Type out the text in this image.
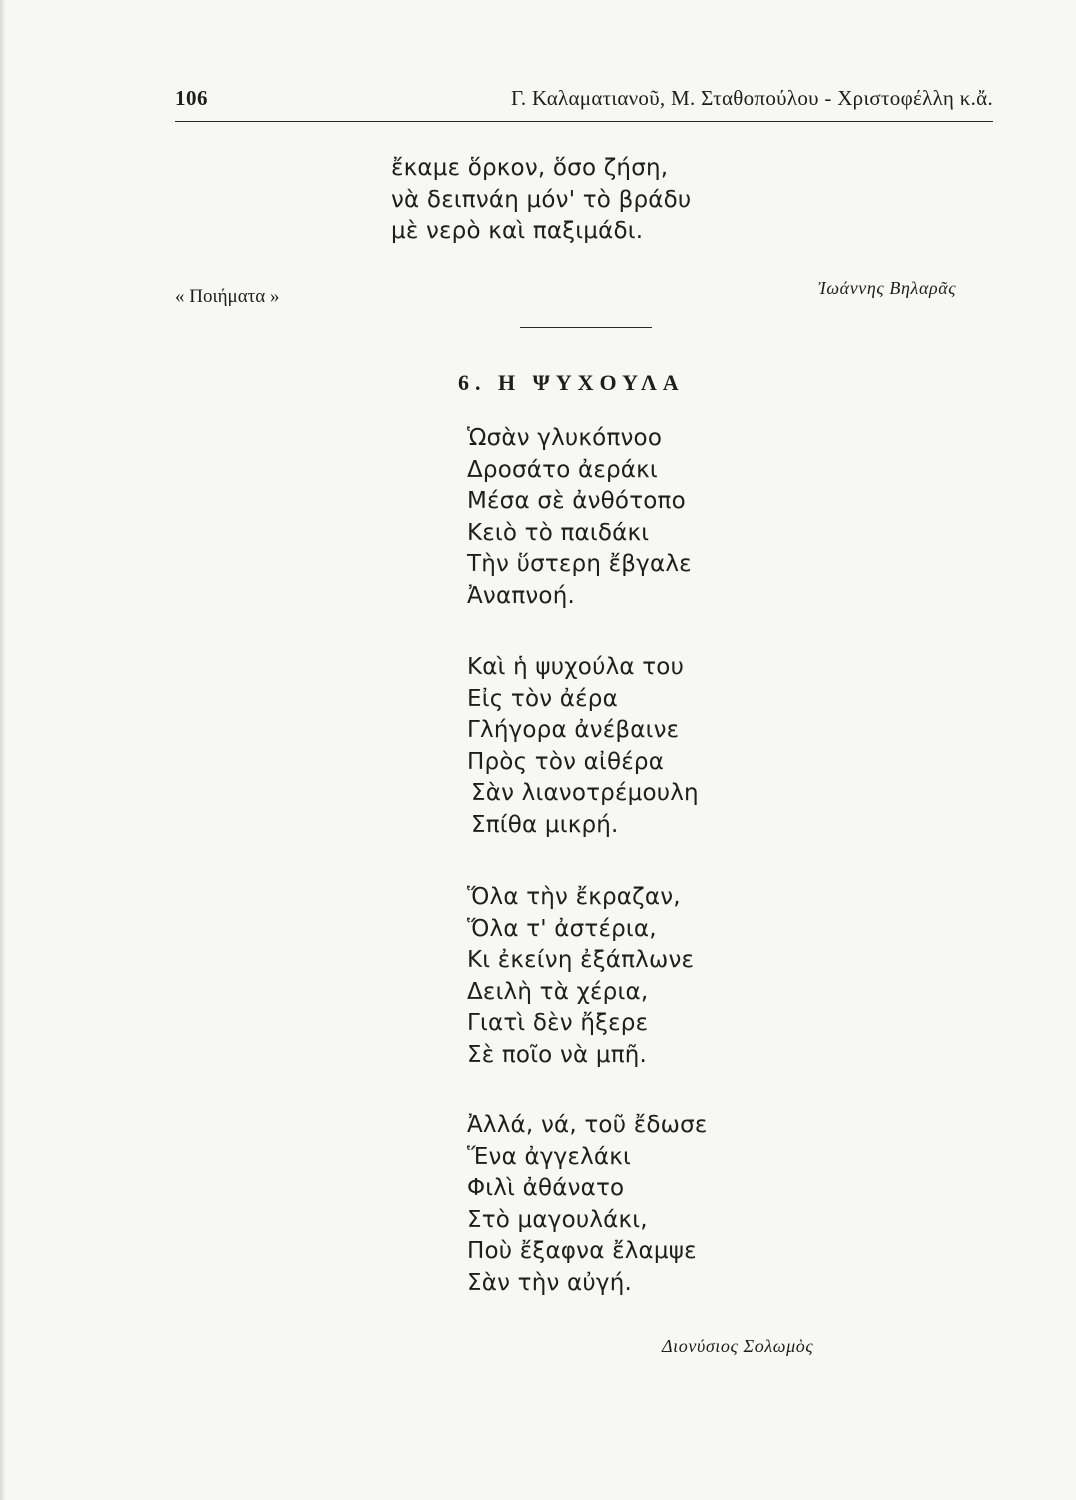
106	Γ. Καλαματιανοῦ, Μ. Σταθοπούλου - Χριστοφέλλη κ.ἄ.
ἔκαμε ὅρκον, ὅσο ζήση,
νὰ δειπνάη μόν' τὸ βράδυ
μὲ νερὸ καὶ παξιμάδι.
« Ποιήματα »	Ἰωάννης Βηλαρᾶς
6. Η ΨΥΧΟΥΛΑ
Ὡσὰν γλυκόπνοο
Δροσάτο ἀεράκι
Μέσα σὲ ἀνθότοπο
Κειὸ τὸ παιδάκι
Τὴν ὕστερη ἔβγαλε
Ἀναπνοή.
Καὶ ἡ ψυχούλα του
Εἰς τὸν ἀέρα
Γλήγορα ἀνέβαινε
Πρὸς τὸν αἰθέρα
Σὰν λιανοτρέμουλη
Σπίθα μικρή.
Ὅλα τὴν ἔκραζαν,
Ὅλα τ' ἀστέρια,
Κι ἐκείνη ἐξάπλωνε
Δειλὴ τὰ χέρια,
Γιατὶ δὲν ἤξερε
Σὲ ποῖο νὰ μπῆ.
Ἀλλά, νά, τοῦ ἔδωσε
Ἕνα ἀγγελάκι
Φιλὶ ἀθάνατο
Στὸ μαγουλάκι,
Ποὺ ἔξαφνα ἔλαμψε
Σὰν τὴν αὐγή.
Διονύσιος Σολωμὸς
